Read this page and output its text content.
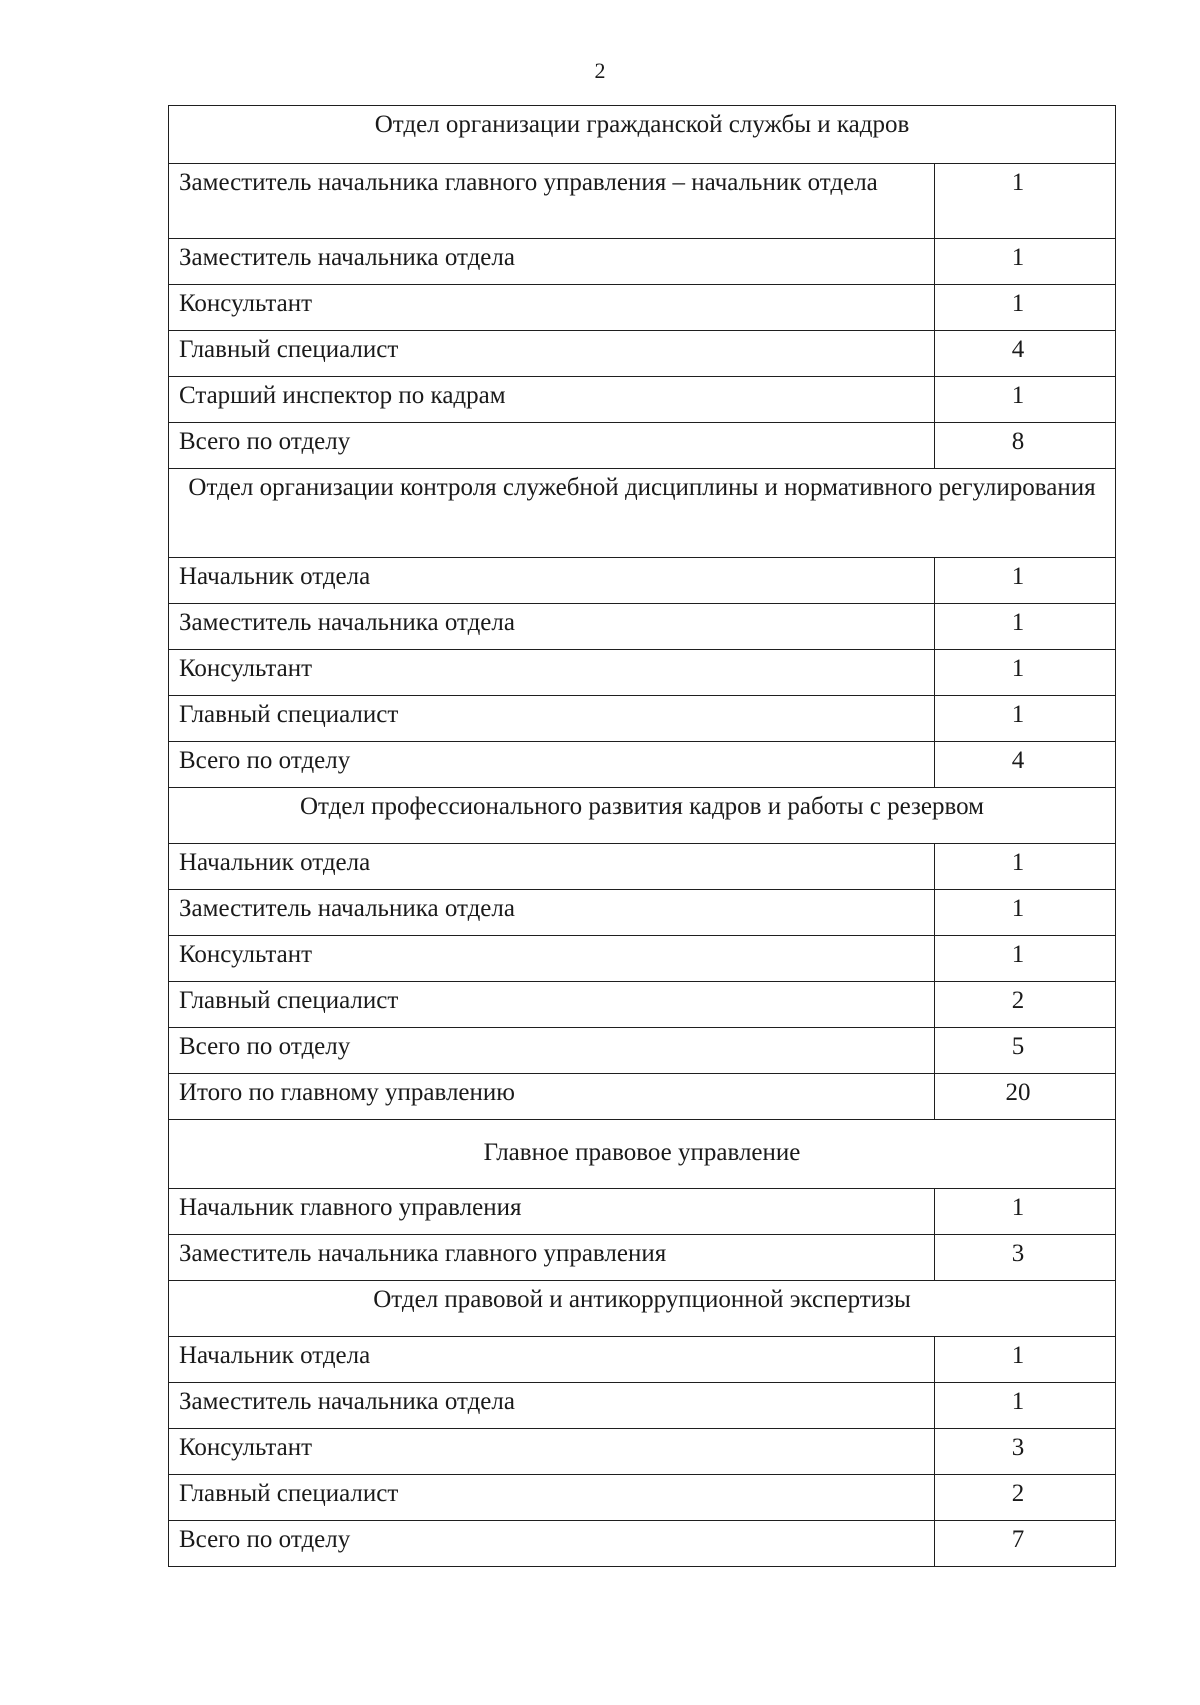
2
Отдел организации гражданской службы и кадров	
Заместитель начальника главного управления – начальник отдела	1
Заместитель начальника отдела	1
Консультант	1
Главный специалист	4
Старший инспектор по кадрам	1
Всего по отделу	8
Отдел организации контроля служебной дисциплины и нормативного регулирования	
Начальник отдела	1
Заместитель начальника отдела	1
Консультант	1
Главный специалист	1
Всего по отделу	4
Отдел профессионального развития кадров и работы с резервом	
Начальник отдела	1
Заместитель начальника отдела	1
Консультант	1
Главный специалист	2
Всего по отделу	5
Итого по главному управлению	20
Главное правовое управление	
Начальник главного управления	1
Заместитель начальника главного управления	3
Отдел правовой и антикоррупционной экспертизы	
Начальник отдела	1
Заместитель начальника отдела	1
Консультант	3
Главный специалист	2
Всего по отделу	7
